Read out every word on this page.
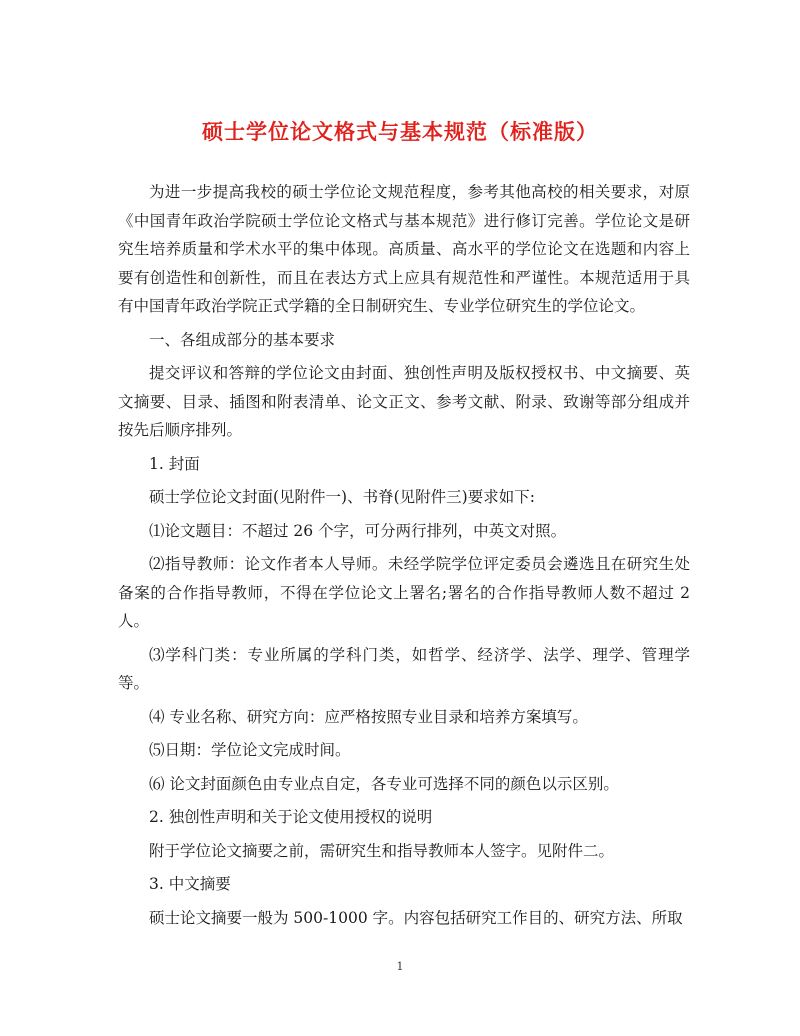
硕士学位论文格式与基本规范（标准版）

为进一步提高我校的硕士学位论文规范程度，参考其他高校的相关要求，对原《中国青年政治学院硕士学位论文格式与基本规范》进行修订完善。学位论文是研究生培养质量和学术水平的集中体现。高质量、高水平的学位论文在选题和内容上要有创造性和创新性，而且在表达方式上应具有规范性和严谨性。本规范适用于具有中国青年政治学院正式学籍的全日制研究生、专业学位研究生的学位论文。

一、各组成部分的基本要求

提交评议和答辩的学位论文由封面、独创性声明及版权授权书、中文摘要、英文摘要、目录、插图和附表清单、论文正文、参考文献、附录、致谢等部分组成并按先后顺序排列。

1. 封面

硕士学位论文封面(见附件一)、书脊(见附件三)要求如下:

⑴论文题目：不超过 26 个字，可分两行排列，中英文对照。

⑵指导教师：论文作者本人导师。未经学院学位评定委员会遴选且在研究生处备案的合作指导教师，不得在学位论文上署名;署名的合作指导教师人数不超过 2 人。

⑶学科门类：专业所属的学科门类，如哲学、经济学、法学、理学、管理学等。

⑷ 专业名称、研究方向：应严格按照专业目录和培养方案填写。

⑸日期：学位论文完成时间。

⑹ 论文封面颜色由专业点自定，各专业可选择不同的颜色以示区别。

2. 独创性声明和关于论文使用授权的说明

附于学位论文摘要之前，需研究生和指导教师本人签字。见附件二。

3. 中文摘要

硕士论文摘要一般为 500-1000 字。内容包括研究工作目的、研究方法、所取

1
